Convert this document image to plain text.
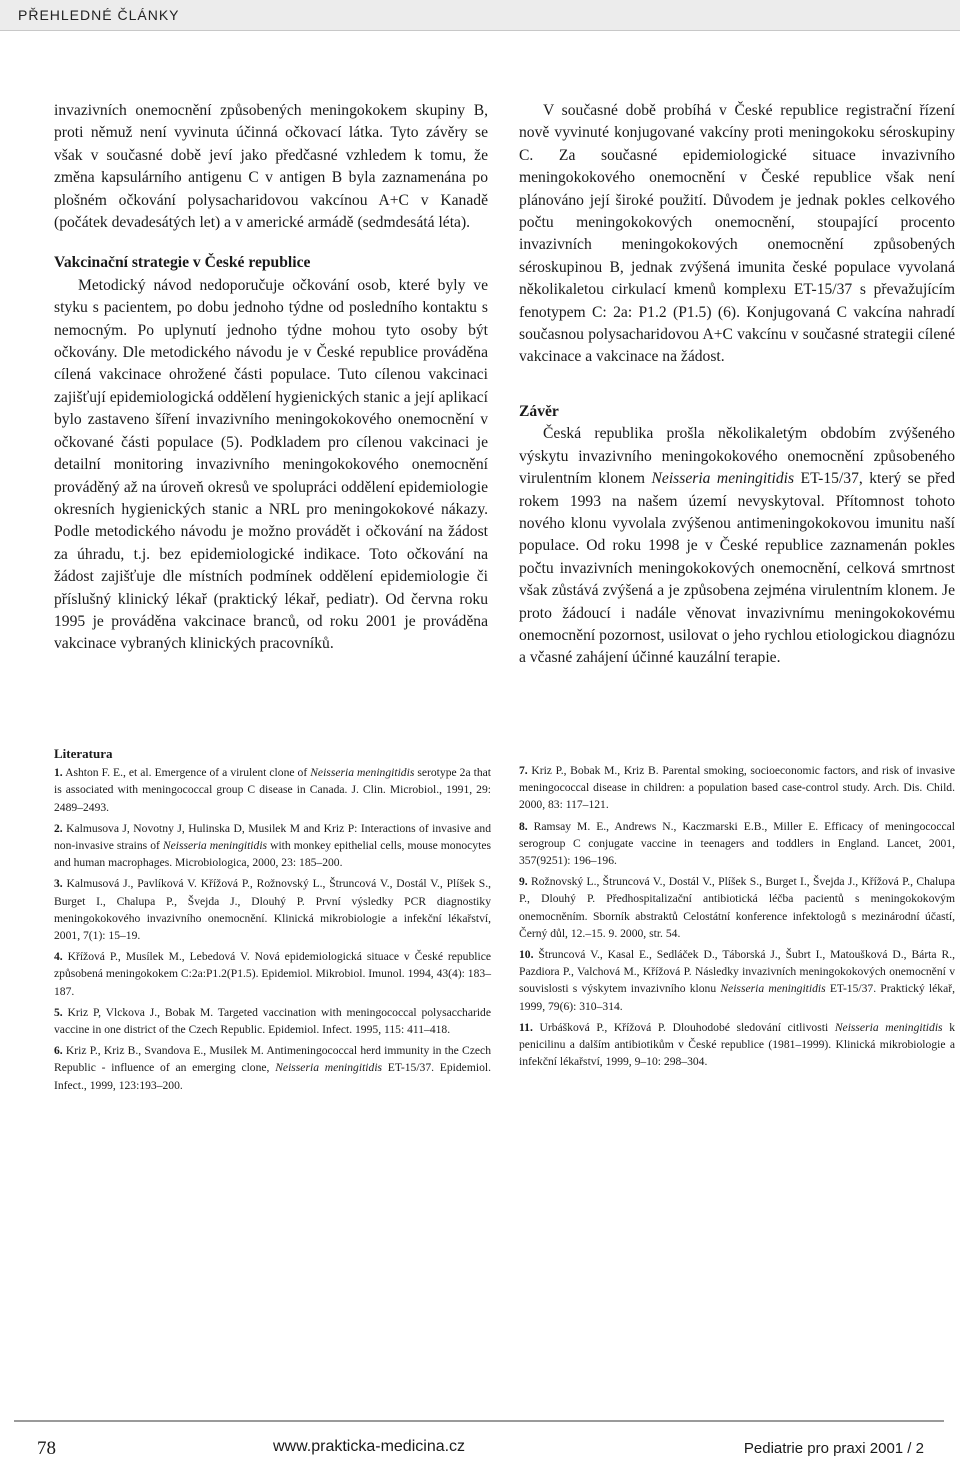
PŘEHLEDNÉ ČLÁNKY

invazivních onemocnění způsobených meningokokem skupiny B, proti němuž není vyvinuta účinná očkovací látka. Tyto závěry se však v současné době jeví jako předčasné vzhledem k tomu, že změna kapsulárního antigenu C v antigen B byla zaznamenána po plošném očkování polysacharidovou vakcínou A+C v Kanadě (počátek devadesátých let) a v americké armádě (sedmdesátá léta).

Vakcinační strategie v České republice

Metodický návod nedoporučuje očkování osob, které byly ve styku s pacientem, po dobu jednoho týdne od posledního kontaktu s nemocným. Po uplynutí jednoho týdne mohou tyto osoby být očkovány. Dle metodického návodu je v České republice prováděna cílená vakcinace ohrožené části populace. Tuto cílenou vakcinaci zajišťují epidemiologická oddělení hygienických stanic a její aplikací bylo zastaveno šíření invazivního meningokokového onemocnění v očkované části populace (5). Podkladem pro cílenou vakcinaci je detailní monitoring invazivního meningokokového onemocnění prováděný až na úroveň okresů ve spolupráci oddělení epidemiologie okresních hygienických stanic a NRL pro meningokokové nákazy. Podle metodického návodu je možno provádět i očkování na žádost za úhradu, t.j. bez epidemiologické indikace. Toto očkování na žádost zajišťuje dle místních podmínek oddělení epidemiologie či příslušný klinický lékař (praktický lékař, pediatr). Od června roku 1995 je prováděna vakcinace branců, od roku 2001 je prováděna vakcinace vybraných klinických pracovníků.

V současné době probíhá v České republice registrační řízení nově vyvinuté konjugované vakcíny proti meningokoku séroskupiny C. Za současné epidemiologické situace invazivního meningokokového onemocnění v České republice však není plánováno její široké použití. Důvodem je jednak pokles celkového počtu meningokokových onemocnění, stoupající procento invazivních meningokokových onemocnění způsobených séroskupinou B, jednak zvýšená imunita české populace vyvolaná několikaletou cirkulací kmenů komplexu ET-15/37 s převažujícím fenotypem C: 2a: P1.2 (P1.5) (6). Konjugovaná C vakcína nahradí současnou polysacharidovou A+C vakcínu v současné strategii cílené vakcinace a vakcinace na žádost.

Závěr

Česká republika prošla několikaletým obdobím zvýšeného výskytu invazivního meningokokového onemocnění způsobeného virulentním klonem Neisseria meningitidis ET-15/37, který se před rokem 1993 na našem území nevyskytoval. Přítomnost tohoto nového klonu vyvolala zvýšenou antimeningokokovou imunitu naší populace. Od roku 1998 je v České republice zaznamenán pokles počtu invazivních meningokokových onemocnění, celková smrtnost však zůstává zvýšená a je způsobena zejména virulentním klonem. Je proto žádoucí i nadále věnovat invazivnímu meningokokovému onemocnění pozornost, usilovat o jeho rychlou etiologickou diagnózu a včasné zahájení účinné kauzální terapie.

Literatura

1. Ashton F. E., et al. Emergence of a virulent clone of Neisseria meningitidis serotype 2a that is associated with meningococcal group C disease in Canada. J. Clin. Microbiol., 1991, 29: 2489–2493.

2. Kalmusova J, Novotny J, Hulinska D, Musilek M and Kriz P: Interactions of invasive and non-invasive strains of Neisseria meningitidis with monkey epithelial cells, mouse monocytes and human macrophages. Microbiologica, 2000, 23: 185–200.

3. Kalmusová J., Pavlíková V. Křížová P., Rožnovský L., Štruncová V., Dostál V., Plíšek S., Burget I., Chalupa P., Švejda J., Dlouhý P. První výsledky PCR diagnostiky meningokokového invazivního onemocnění. Klinická mikrobiologie a infekční lékařství, 2001, 7(1): 15–19.

4. Křížová P., Musílek M., Lebedová V. Nová epidemiologická situace v České republice způsobená meningokokem C:2a:P1.2(P1.5). Epidemiol. Mikrobiol. Imunol. 1994, 43(4): 183–187.

5. Kriz P, Vlckova J., Bobak M. Targeted vaccination with meningococcal polysaccharide vaccine in one district of the Czech Republic. Epidemiol. Infect. 1995, 115: 411–418.

6. Kriz P., Kriz B., Svandova E., Musilek M. Antimeningococcal herd immunity in the Czech Republic - influence of an emerging clone, Neisseria meningitidis ET-15/37. Epidemiol. Infect., 1999, 123:193–200.

7. Kriz P., Bobak M., Kriz B. Parental smoking, socioeconomic factors, and risk of invasive meningococcal disease in children: a population based case-control study. Arch. Dis. Child. 2000, 83: 117–121.

8. Ramsay M. E., Andrews N., Kaczmarski E.B., Miller E. Efficacy of meningococcal serogroup C conjugate vaccine in teenagers and toddlers in England. Lancet, 2001, 357(9251): 196–196.

9. Rožnovský L., Štruncová V., Dostál V., Plíšek S., Burget I., Švejda J., Křížová P., Chalupa P., Dlouhý P. Předhospitalizační antibiotická léčba pacientů s meningokokovým onemocněním. Sborník abstraktů Celostátní konference infektologů s mezinárodní účastí, Černý důl, 12.–15. 9. 2000, str. 54.

10. Štruncová V., Kasal E., Sedláček D., Táborská J., Šubrt I., Matoušková D., Bárta R., Pazdiora P., Valchová M., Křížová P. Následky invazivních meningokokových onemocnění v souvislosti s výskytem invazivního klonu Neisseria meningitidis ET-15/37. Praktický lékař, 1999, 79(6): 310–314.

11. Urbášková P., Křížová P. Dlouhodobé sledování citlivosti Neisseria meningitidis k penicilinu a dalším antibiotikům v České republice (1981–1999). Klinická mikrobiologie a infekční lékařství, 1999, 9–10: 298–304.

78	www.prakticka-medicina.cz	Pediatrie pro praxi 2001 / 2
